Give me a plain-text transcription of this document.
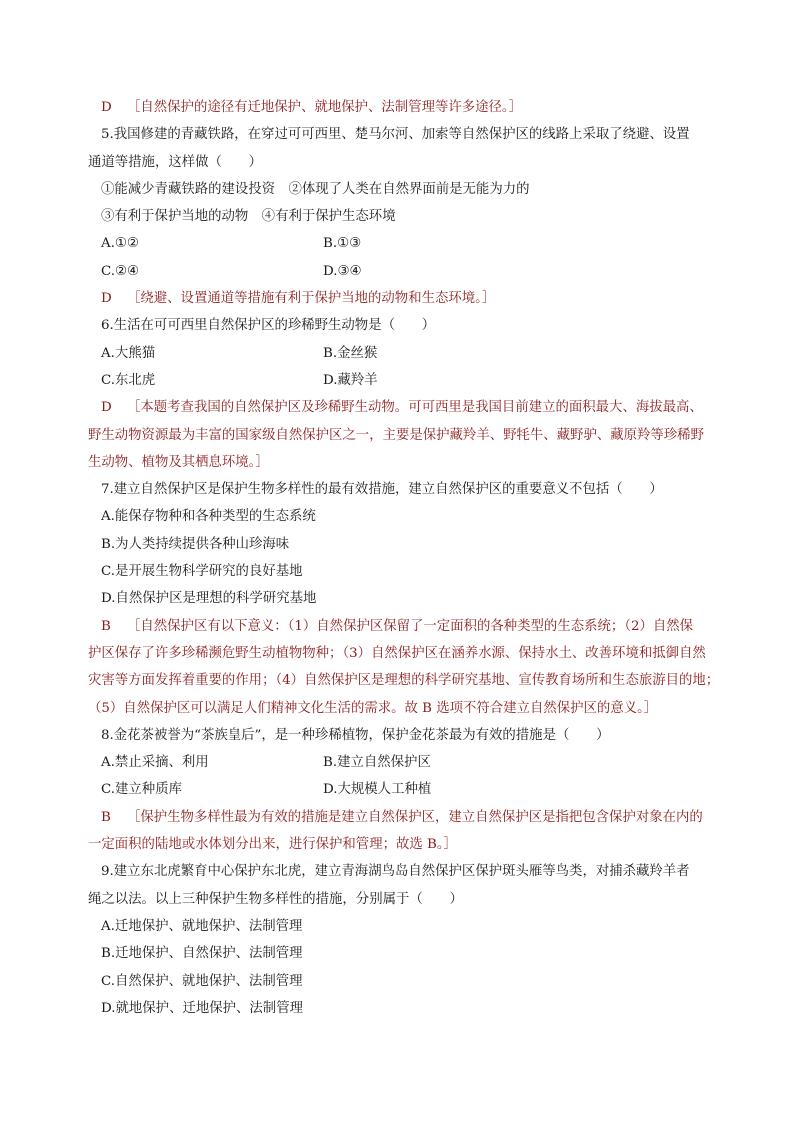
D ［自然保护的途径有迁地保护、就地保护、法制管理等许多途径。］
5.我国修建的青藏铁路，在穿过可可西里、楚马尔河、加索等自然保护区的线路上采取了绕避、设置
通道等措施，这样做（　　）
①能减少青藏铁路的建设投资　②体现了人类在自然界面前是无能为力的
③有利于保护当地的动物　④有利于保护生态环境
A.①②	B.①③
C.②④	D.③④
D ［绕避、设置通道等措施有利于保护当地的动物和生态环境。］
6.生活在可可西里自然保护区的珍稀野生动物是（　　）
A.大熊猫	B.金丝猴
C.东北虎	D.藏羚羊
D ［本题考查我国的自然保护区及珍稀野生动物。可可西里是我国目前建立的面积最大、海拔最高、
野生动物资源最为丰富的国家级自然保护区之一，主要是保护藏羚羊、野牦牛、藏野驴、藏原羚等珍稀野
生动物、植物及其栖息环境。］
7.建立自然保护区是保护生物多样性的最有效措施，建立自然保护区的重要意义不包括（　　）
A.能保存物种和各种类型的生态系统
B.为人类持续提供各种山珍海味
C.是开展生物科学研究的良好基地
D.自然保护区是理想的科学研究基地
B ［自然保护区有以下意义：（1）自然保护区保留了一定面积的各种类型的生态系统；（2）自然保
护区保存了许多珍稀濒危野生动植物物种；（3）自然保护区在涵养水源、保持水土、改善环境和抵御自然
灾害等方面发挥着重要的作用；（4）自然保护区是理想的科学研究基地、宣传教育场所和生态旅游目的地；
（5）自然保护区可以满足人们精神文化生活的需求。故 B 选项不符合建立自然保护区的意义。］
8.金花茶被誉为“茶族皇后”，是一种珍稀植物，保护金花茶最为有效的措施是（　　）
A.禁止采摘、利用	B.建立自然保护区
C.建立种质库	D.大规模人工种植
B ［保护生物多样性最为有效的措施是建立自然保护区，建立自然保护区是指把包含保护对象在内的
一定面积的陆地或水体划分出来，进行保护和管理；故选 B。］
9.建立东北虎繁育中心保护东北虎，建立青海湖鸟岛自然保护区保护斑头雁等鸟类，对捕杀藏羚羊者
绳之以法。以上三种保护生物多样性的措施，分别属于（　　）
A.迁地保护、就地保护、法制管理
B.迁地保护、自然保护、法制管理
C.自然保护、就地保护、法制管理
D.就地保护、迁地保护、法制管理
